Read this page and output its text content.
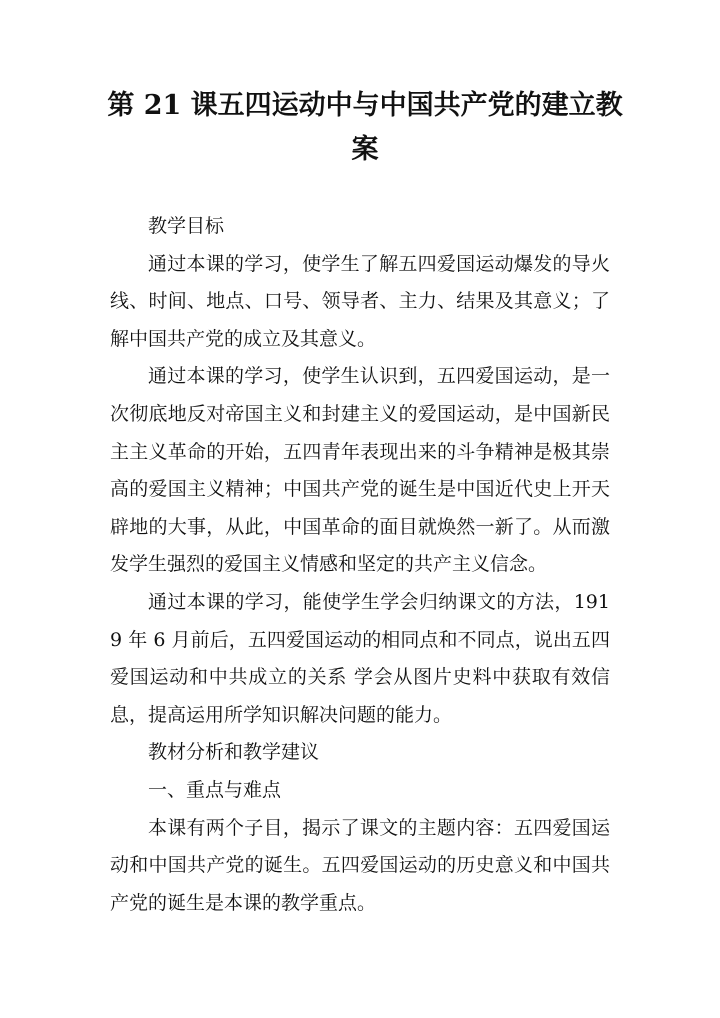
第 21 课五四运动中与中国共产党的建立教案

教学目标

通过本课的学习，使学生了解五四爱国运动爆发的导火线、时间、地点、口号、领导者、主力、结果及其意义；了解中国共产党的成立及其意义。

通过本课的学习，使学生认识到，五四爱国运动，是一次彻底地反对帝国主义和封建主义的爱国运动，是中国新民主主义革命的开始，五四青年表现出来的斗争精神是极其崇高的爱国主义精神；中国共产党的诞生是中国近代史上开天辟地的大事，从此，中国革命的面目就焕然一新了。从而激发学生强烈的爱国主义情感和坚定的共产主义信念。

通过本课的学习，能使学生学会归纳课文的方法，1919 年 6 月前后，五四爱国运动的相同点和不同点，说出五四爱国运动和中共成立的关系 学会从图片史料中获取有效信息，提高运用所学知识解决问题的能力。

教材分析和教学建议

一、重点与难点

本课有两个子目，揭示了课文的主题内容：五四爱国运动和中国共产党的诞生。五四爱国运动的历史意义和中国共产党的诞生是本课的教学重点。
